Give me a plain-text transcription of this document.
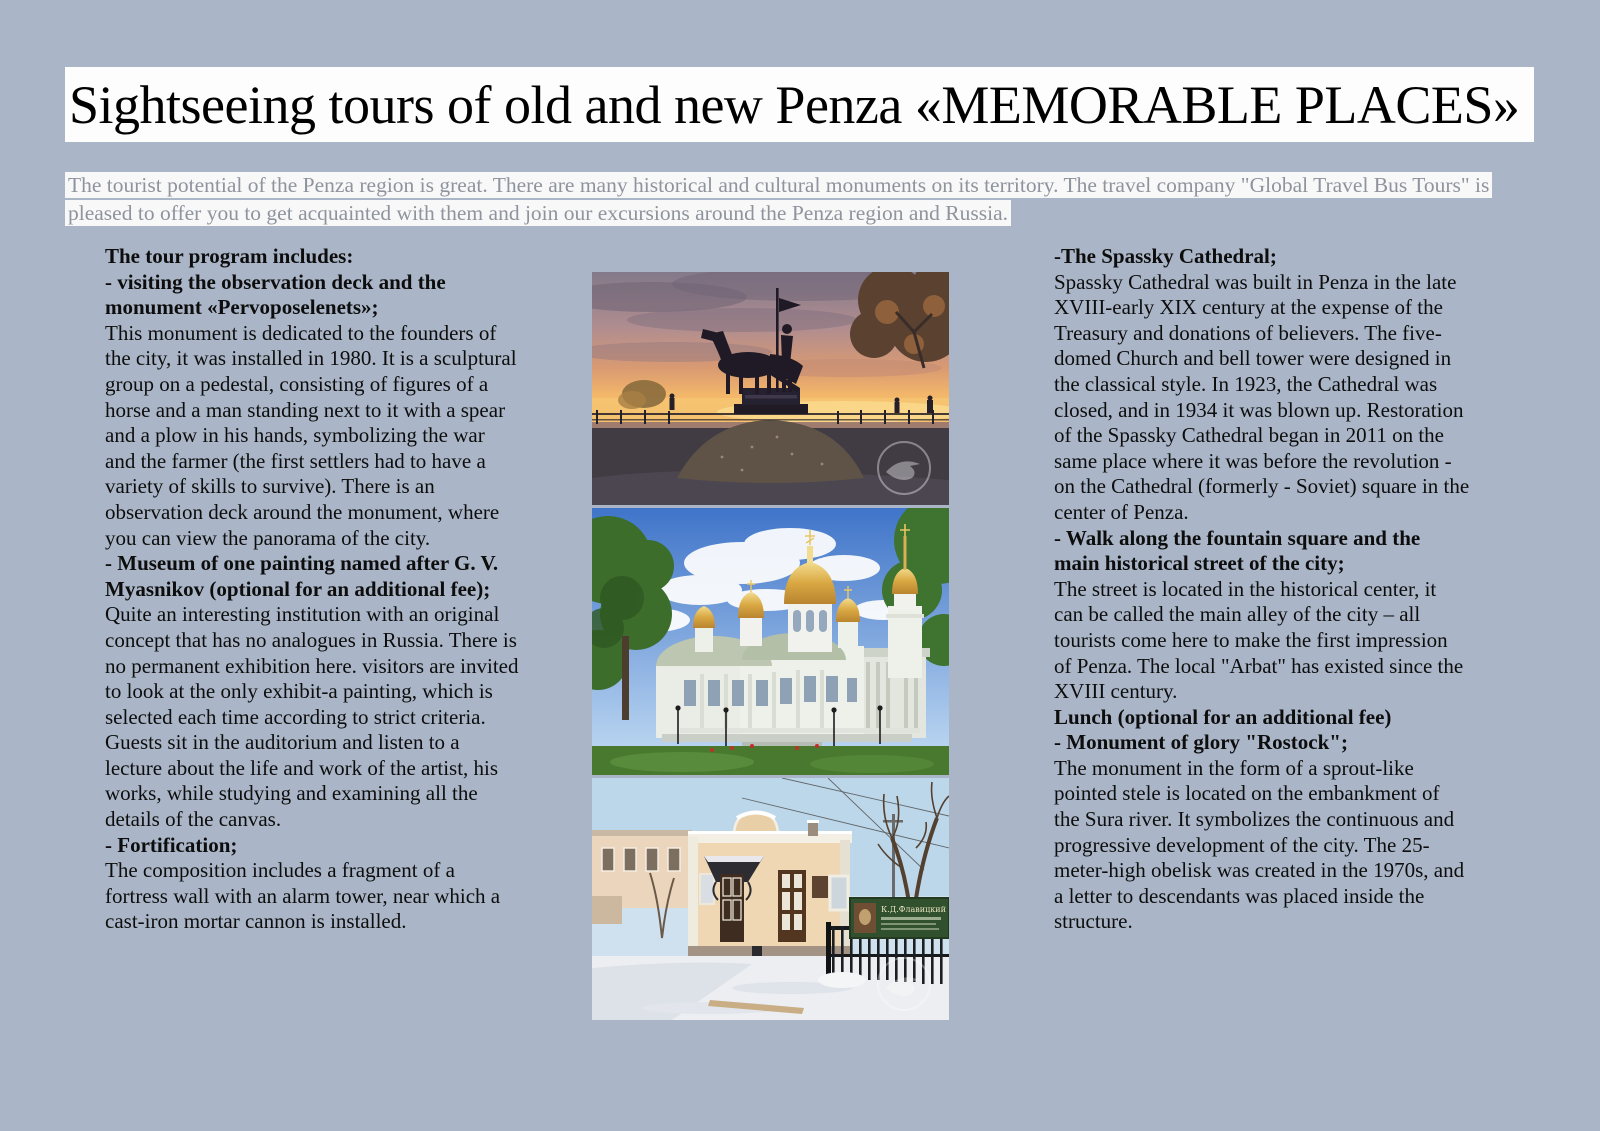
Sightseeing tours of old and new Penza «MEMORABLE PLACES»

The tourist potential of the Penza region is great. There are many historical and cultural monuments on its territory. The travel company "Global Travel Bus Tours" is pleased to offer you to get acquainted with them and join our excursions around the Penza region and Russia.

The tour program includes:
- visiting the observation deck and the monument «Pervoposelenets»;
This monument is dedicated to the founders of the city, it was installed in 1980. It is a sculptural group on a pedestal, consisting of figures of a horse and a man standing next to it with a spear and a plow in his hands, symbolizing the war and the farmer (the first settlers had to have a variety of skills to survive). There is an observation deck around the monument, where you can view the panorama of the city.

- Museum of one painting named after G. V. Myasnikov (optional for an additional fee); Quite an interesting institution with an original concept that has no analogues in Russia. There is no permanent exhibition here. visitors are invited to look at the only exhibit-a painting, which is selected each time according to strict criteria. Guests sit in the auditorium and listen to a lecture about the life and work of the artist, his works, while studying and examining all the details of the canvas.

- Fortification;
The composition includes a fragment of a fortress wall with an alarm tower, near which a cast-iron mortar cannon is installed.	К.Д.Флавицкий
-The Spassky Cathedral;
Spassky Cathedral was built in Penza in the late XVIII-early XIX century at the expense of the Treasury and donations of believers. The five-domed Church and bell tower were designed in the classical style. In 1923, the Cathedral was closed, and in 1934 it was blown up. Restoration of the Spassky Cathedral began in 2011 on the same place where it was before the revolution - on the Cathedral (formerly - Soviet) square in the center of Penza.
- Walk along the fountain square and the main historical street of the city;
The street is located in the historical center, it can be called the main alley of the city – all tourists come here to make the first impression of Penza. The local "Arbat" has existed since the XVIII century.
Lunch (optional for an additional fee)
- Monument of glory "Rostock";
The monument in the form of a sprout-like pointed stele is located on the embankment of the Sura river. It symbolizes the continuous and progressive development of the city. The 25-meter-high obelisk was created in the 1970s, and a letter to descendants was placed inside the structure.
